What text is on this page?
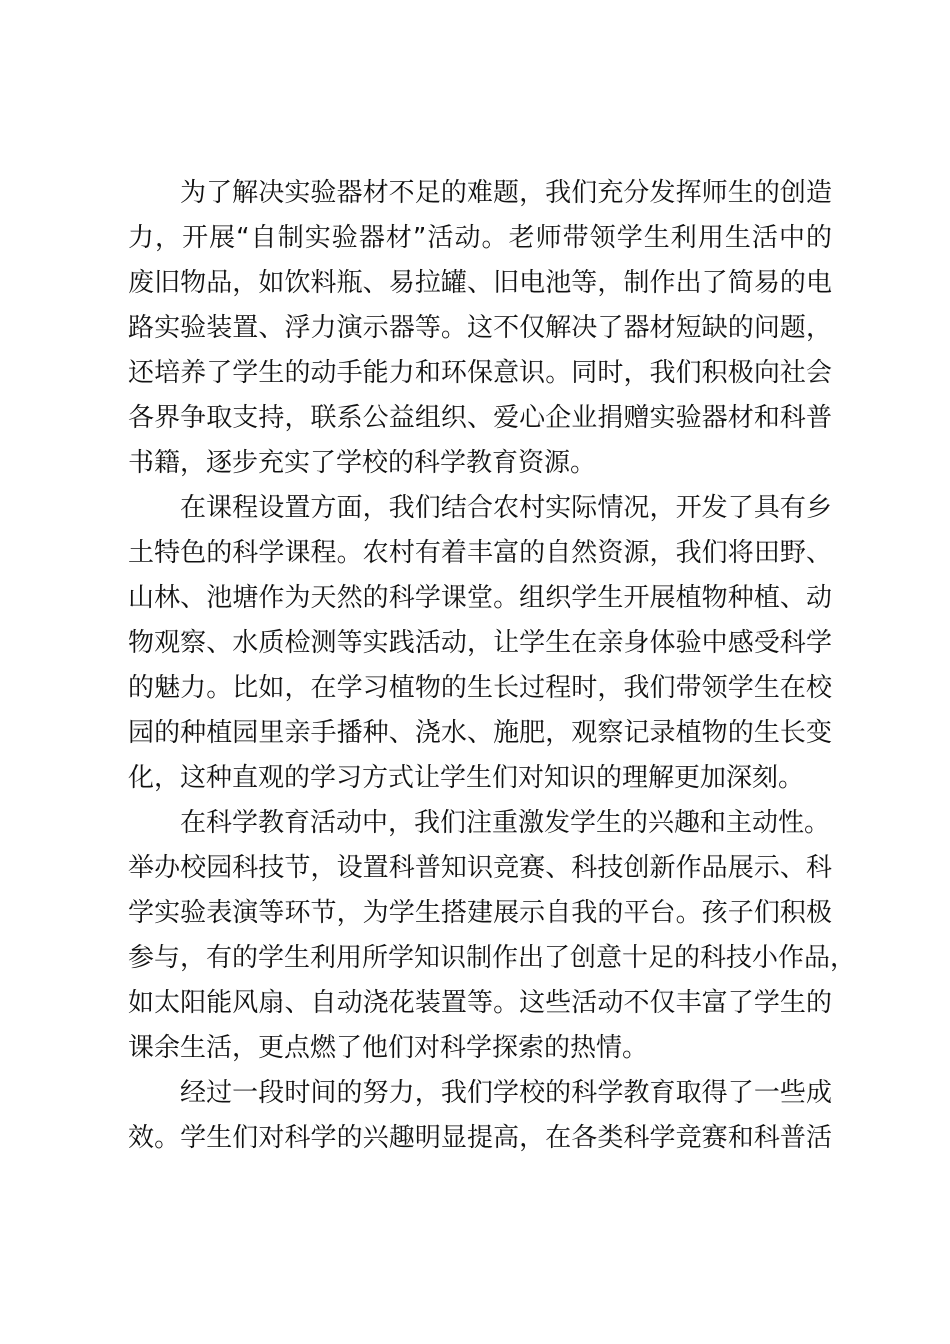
为了解决实验器材不足的难题，我们充分发挥师生的创造
力，开展“自制实验器材”活动。老师带领学生利用生活中的
废旧物品，如饮料瓶、易拉罐、旧电池等，制作出了简易的电
路实验装置、浮力演示器等。这不仅解决了器材短缺的问题，
还培养了学生的动手能力和环保意识。同时，我们积极向社会
各界争取支持，联系公益组织、爱心企业捐赠实验器材和科普
书籍，逐步充实了学校的科学教育资源。
在课程设置方面，我们结合农村实际情况，开发了具有乡
土特色的科学课程。农村有着丰富的自然资源，我们将田野、
山林、池塘作为天然的科学课堂。组织学生开展植物种植、动
物观察、水质检测等实践活动，让学生在亲身体验中感受科学
的魅力。比如，在学习植物的生长过程时，我们带领学生在校
园的种植园里亲手播种、浇水、施肥，观察记录植物的生长变
化，这种直观的学习方式让学生们对知识的理解更加深刻。
在科学教育活动中，我们注重激发学生的兴趣和主动性。
举办校园科技节，设置科普知识竞赛、科技创新作品展示、科
学实验表演等环节，为学生搭建展示自我的平台。孩子们积极
参与，有的学生利用所学知识制作出了创意十足的科技小作品，
如太阳能风扇、自动浇花装置等。这些活动不仅丰富了学生的
课余生活，更点燃了他们对科学探索的热情。
经过一段时间的努力，我们学校的科学教育取得了一些成
效。学生们对科学的兴趣明显提高，在各类科学竞赛和科普活
